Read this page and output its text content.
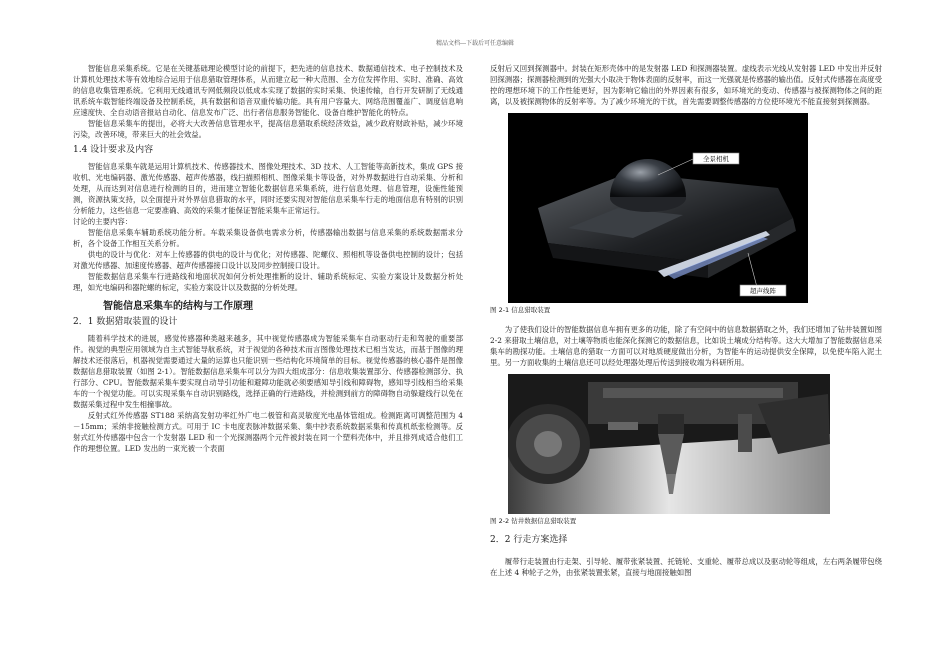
精品文档---下载后可任意编辑

智能信息采集系统。它是在关键基础理论模型讨论的前提下，把先进的信息技术、数据通信技术、电子控制技术及计算机处理技术等有效地综合运用于信息猎取管理体系，从而建立起一种大范围、全方位发挥作用、实时、准确、高效的信息收集管理系统。它利用无线通讯专网低频段以低成本实现了数据的实时采集、快速传输，自行开发研制了无线通讯系统车载智能终端设备及控制系统，具有数据和语音双重传输功能。具有用户容量大、网络范围覆盖广、调度信息响应速度快、全自动语音报站自动化、信息发布广泛、出行者信息服务智能化、设备自维护智能化的特点。

智能信息采集车的提出，必将大大改善信息管理水平，提高信息猎取系统经济效益，减少政府财政补贴，减少环境污染，改善环境，带来巨大的社会效益。

1.4 设计要求及内容

智能信息采集车就是运用计算机技术、传感器技术、图像处理技术、3D 技术、人工智能等高新技术，集成 GPS 接收机、光电编码器、激光传感器、超声传感器，线扫描照相机、图像采集卡等设备，对外界数据进行自动采集、分析和处理，从而达到对信息进行检测的目的，进而建立智能化数据信息采集系统，进行信息处理、信息管理，设施性能预测，资源执策支持，以全面提升对外界信息猎取的水平，同时还要实现对智能信息采集车行走的地面信息有特别的识别分析能力，这些信息一定要准确、高效的采集才能保证智能采集车正常运行。

讨论的主要内容：

智能信息采集车辅助系统功能分析。车载采集设备供电需求分析，传感器输出数据与信息采集的系统数据需求分析，各个设备工作相互关系分析。

供电的设计与优化：对车上传感器的供电的设计与优化；对传感器、陀螺仪、照相机等设备供电控制的设计；包括对激光传感器、加速度传感器、超声传感器接口设计以及同步控制接口设计。

智能数据信息采集车行进路线和地面状况如何分析处理推断的设计、辅助系统标定、实验方案设计及数据分析处理，如光电编码和器陀螺的标定，实验方案设计以及数据的分析处理。

智能信息采集车的结构与工作原理
2．1 数据猎取装置的设计

随着科学技术的进展，感觉传感器种类越来越多，其中视觉传感器成为智能采集车自动驱动行走和驾驶的重要部件。视觉的典型应用领域为自主式智能导航系统，对于视觉的各种技术而言图像处理技术已相当发达，而基于图像的理解技术还很落后，机器视觉需要通过大量的运算也只能识别一些结构化环境简单的目标。视觉传感器的核心器件是图像数据信息猎取装置（如图 2-1）。智能数据信息采集车可以分为四大组成部分：信息收集装置部分、传感器检测部分、执行部分、CPU。智能数据采集车要实现自动导引功能和避障功能就必须要感知导引线和障碍物，感知导引线相当给采集车的一个视觉功能。可以实现采集车自动识别路线，选择正确的行进路线，并检测到前方的障碍物自动躲避线行以免在数据采集过程中发生相撞事故。

反射式红外传感器 ST188 采纳高发射功率红外广电二极管和高灵敏度光电晶体管组成。检测距离可调整范围为 4－15mm；采纳非接触检测方式。可用于 IC 卡电度表脉冲数据采集、集中抄表系统数据采集和传真机纸张检测等。反射式红外传感器中包含一个发射器 LED 和一个光探测器两个元件被封装在同一个塑料壳体中，并且排列成适合他们工作的理想位置。LED 发出的一束光被一个表面

反射后又回到探测器中。封装在矩形壳体中的是发射器 LED 和探测器装置。虚线表示光线从发射器 LED 中发出并反射回探测器；探测器检测到的光强大小取决于物体表面的反射率，而这一光强就是传感器的输出值。反射式传感器在高度受控的理想环境下的工作性能更好，因为影响它输出的外界因素有很多，如环境光的变动、传感器与被探测物体之间的距离，以及被探测物体的反射率等。为了减少环境光的干扰，首先需要调整传感器的方位使环境光不能直接射到探测器。

全景相机
超声线阵
图 2-1 信息猎取装置

为了使我们设计的智能数据信息车拥有更多的功能，除了有空间中的信息数据猎取之外，我们还增加了钻井装置如图 2-2 来猎取土壤信息，对土壤等物质也能深化探测它的数据信息，比如说土壤成分结构等。这大大增加了智能数据信息采集车的勘探功能。土壤信息的猎取一方面可以对地质硬度做出分析，为智能车的运动提供安全保障，以免使车陷入泥土里。另一方面收集的土壤信息还可以经处理器处理后传送到接收端为科研所用。

图 2-2 钻井数据信息猎取装置
2．2 行走方案选择

履带行走装置由行走架、引导轮、履带张紧装置、托链轮、支重轮、履带总成以及驱动轮等组成，左右两条履带包绕在上述 4 种轮子之外，由张紧装置张紧，直接与地面接触如图
